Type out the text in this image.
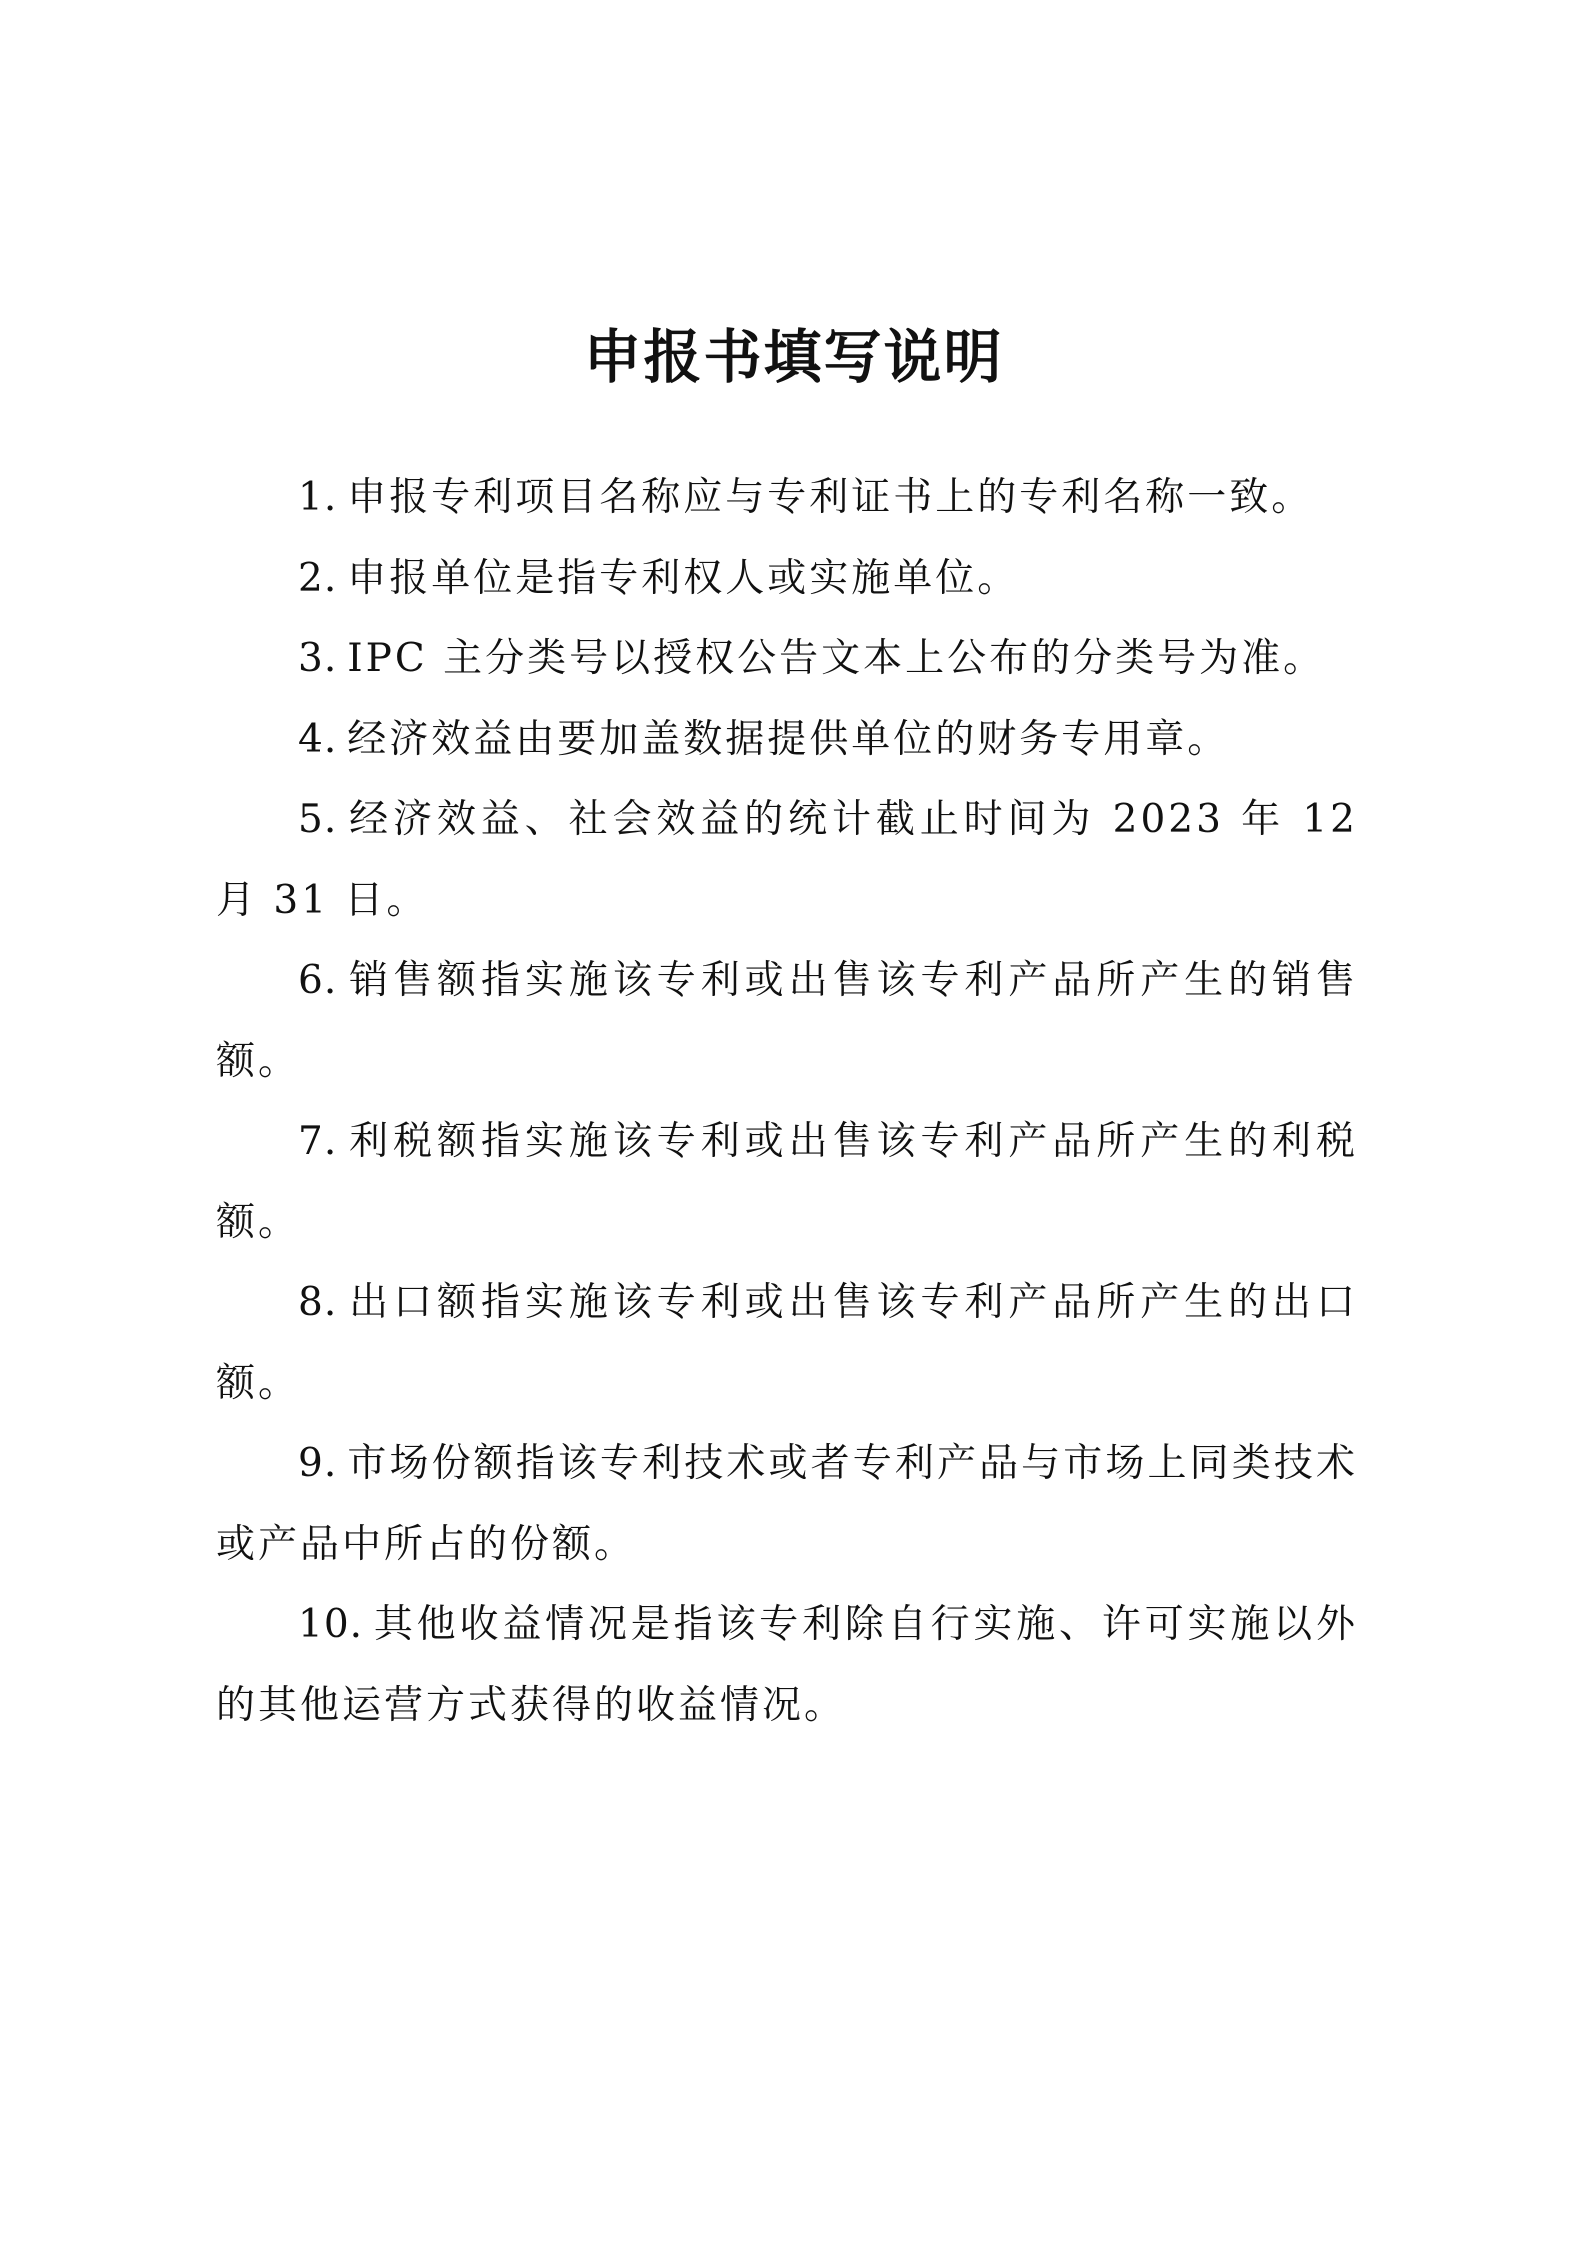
申报书填写说明

1. 申报专利项目名称应与专利证书上的专利名称一致。

2. 申报单位是指专利权人或实施单位。

3. IPC 主分类号以授权公告文本上公布的分类号为准。

4. 经济效益由要加盖数据提供单位的财务专用章。

5. 经济效益、社会效益的统计截止时间为 2023 年 12 月 31 日。

6. 销售额指实施该专利或出售该专利产品所产生的销售额。

7. 利税额指实施该专利或出售该专利产品所产生的利税额。

8. 出口额指实施该专利或出售该专利产品所产生的出口额。

9. 市场份额指该专利技术或者专利产品与市场上同类技术或产品中所占的份额。

10. 其他收益情况是指该专利除自行实施、许可实施以外的其他运营方式获得的收益情况。
